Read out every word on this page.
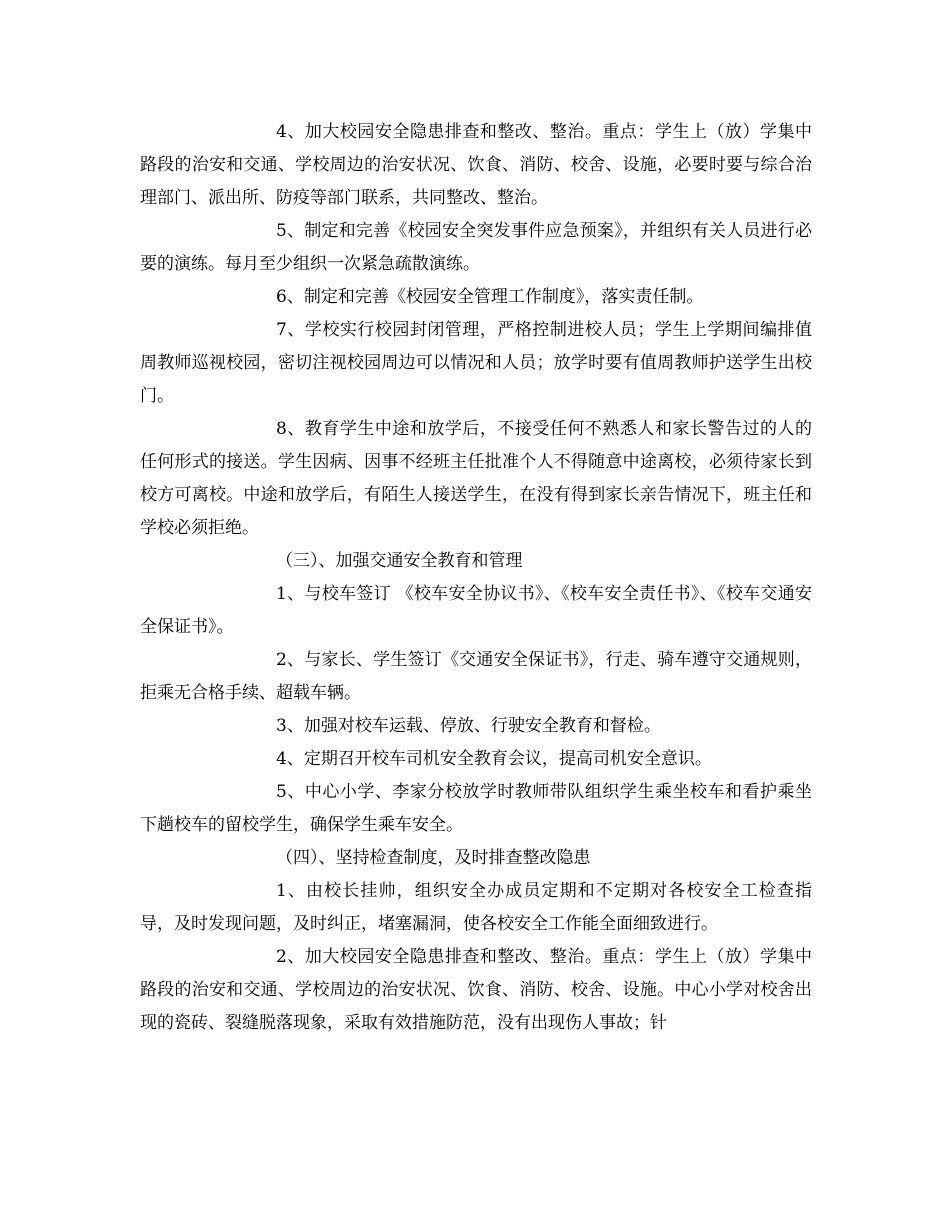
4、加大校园安全隐患排查和整改、整治。重点：学生上（放）学集中路段的治安和交通、学校周边的治安状况、饮食、消防、校舍、设施，必要时要与综合治理部门、派出所、防疫等部门联系，共同整改、整治。

5、制定和完善《校园安全突发事件应急预案》，并组织有关人员进行必要的演练。每月至少组织一次紧急疏散演练。

6、制定和完善《校园安全管理工作制度》，落实责任制。

7、学校实行校园封闭管理，严格控制进校人员；学生上学期间编排值周教师巡视校园，密切注视校园周边可以情况和人员；放学时要有值周教师护送学生出校门。

8、教育学生中途和放学后，不接受任何不熟悉人和家长警告过的人的任何形式的接送。学生因病、因事不经班主任批准个人不得随意中途离校，必须待家长到校方可离校。中途和放学后，有陌生人接送学生，在没有得到家长亲告情况下，班主任和学校必须拒绝。

（三）、加强交通安全教育和管理

1、与校车签订 《校车安全协议书》、《校车安全责任书》、《校车交通安全保证书》。

2、与家长、学生签订《交通安全保证书》，行走、骑车遵守交通规则，拒乘无合格手续、超载车辆。

3、加强对校车运载、停放、行驶安全教育和督检。

4、定期召开校车司机安全教育会议，提高司机安全意识。

5、中心小学、李家分校放学时教师带队组织学生乘坐校车和看护乘坐下趟校车的留校学生，确保学生乘车安全。

（四）、坚持检查制度，及时排查整改隐患

1、由校长挂帅，组织安全办成员定期和不定期对各校安全工检查指导，及时发现问题，及时纠正，堵塞漏洞，使各校安全工作能全面细致进行。

2、加大校园安全隐患排查和整改、整治。重点：学生上（放）学集中路段的治安和交通、学校周边的治安状况、饮食、消防、校舍、设施。中心小学对校舍出现的瓷砖、裂缝脱落现象，采取有效措施防范，没有出现伤人事故；针
